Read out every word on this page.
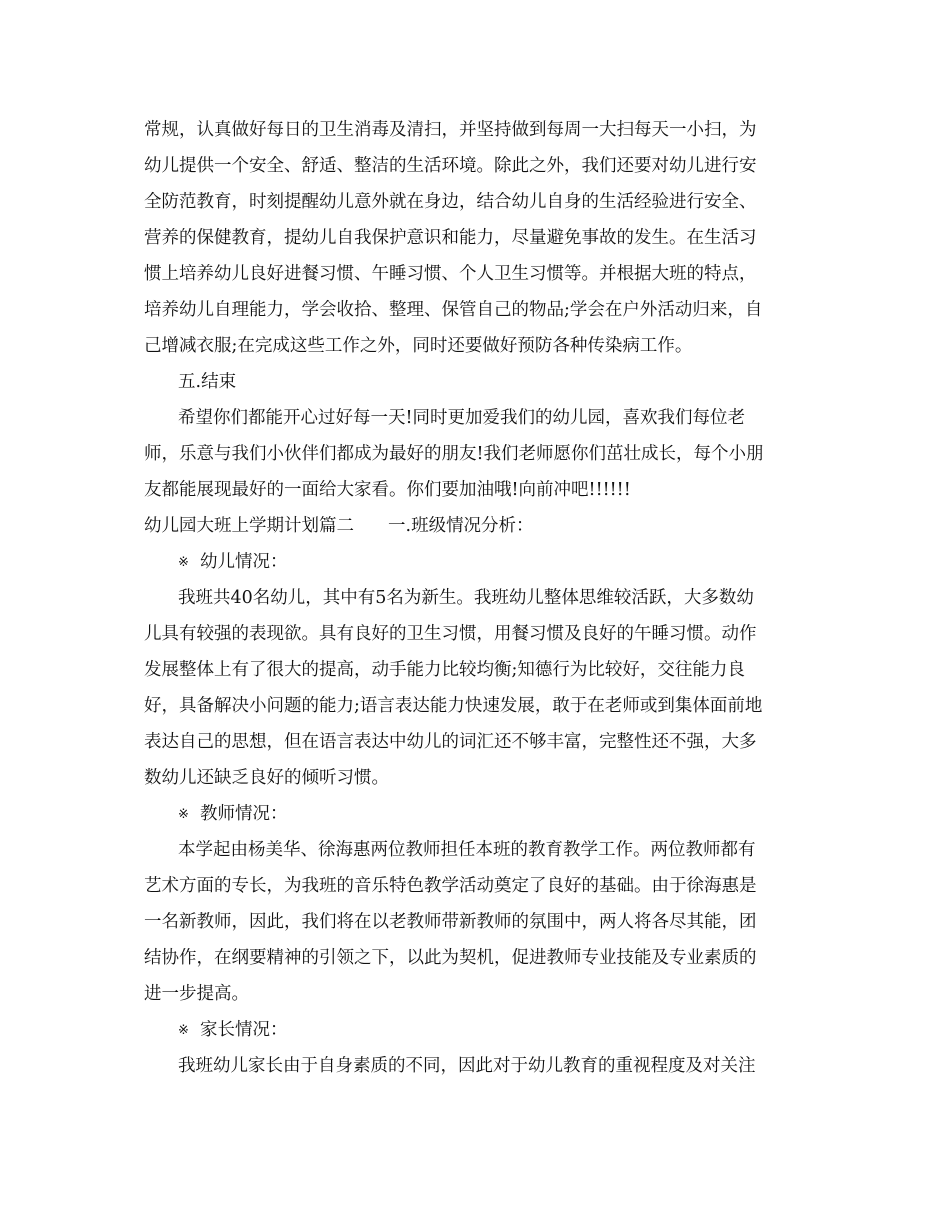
常规，认真做好每日的卫生消毒及清扫，并坚持做到每周一大扫每天一小扫，为
幼儿提供一个安全、舒适、整洁的生活环境。除此之外，我们还要对幼儿进行安
全防范教育，时刻提醒幼儿意外就在身边，结合幼儿自身的生活经验进行安全、
营养的保健教育，提幼儿自我保护意识和能力，尽量避免事故的发生。在生活习
惯上培养幼儿良好进餐习惯、午睡习惯、个人卫生习惯等。并根据大班的特点，
培养幼儿自理能力，学会收拾、整理、保管自己的物品;学会在户外活动归来，自
己增减衣服;在完成这些工作之外，同时还要做好预防各种传染病工作。
五.结束
希望你们都能开心过好每一天!同时更加爱我们的幼儿园，喜欢我们每位老
师，乐意与我们小伙伴们都成为最好的朋友!我们老师愿你们茁壮成长，每个小朋
友都能展现最好的一面给大家看。你们要加油哦!向前冲吧!!!!!!
幼儿园大班上学期计划篇二 一.班级情况分析：
※ 幼儿情况：
我班共40名幼儿，其中有5名为新生。我班幼儿整体思维较活跃，大多数幼
儿具有较强的表现欲。具有良好的卫生习惯，用餐习惯及良好的午睡习惯。动作
发展整体上有了很大的提高，动手能力比较均衡;知德行为比较好，交往能力良
好，具备解决小问题的能力;语言表达能力快速发展，敢于在老师或到集体面前地
表达自己的思想，但在语言表达中幼儿的词汇还不够丰富，完整性还不强，大多
数幼儿还缺乏良好的倾听习惯。
※ 教师情况：
本学起由杨美华、徐海惠两位教师担任本班的教育教学工作。两位教师都有
艺术方面的专长，为我班的音乐特色教学活动奠定了良好的基础。由于徐海惠是
一名新教师，因此，我们将在以老教师带新教师的氛围中，两人将各尽其能，团
结协作，在纲要精神的引领之下，以此为契机，促进教师专业技能及专业素质的
进一步提高。
※ 家长情况：
我班幼儿家长由于自身素质的不同，因此对于幼儿教育的重视程度及对关注
